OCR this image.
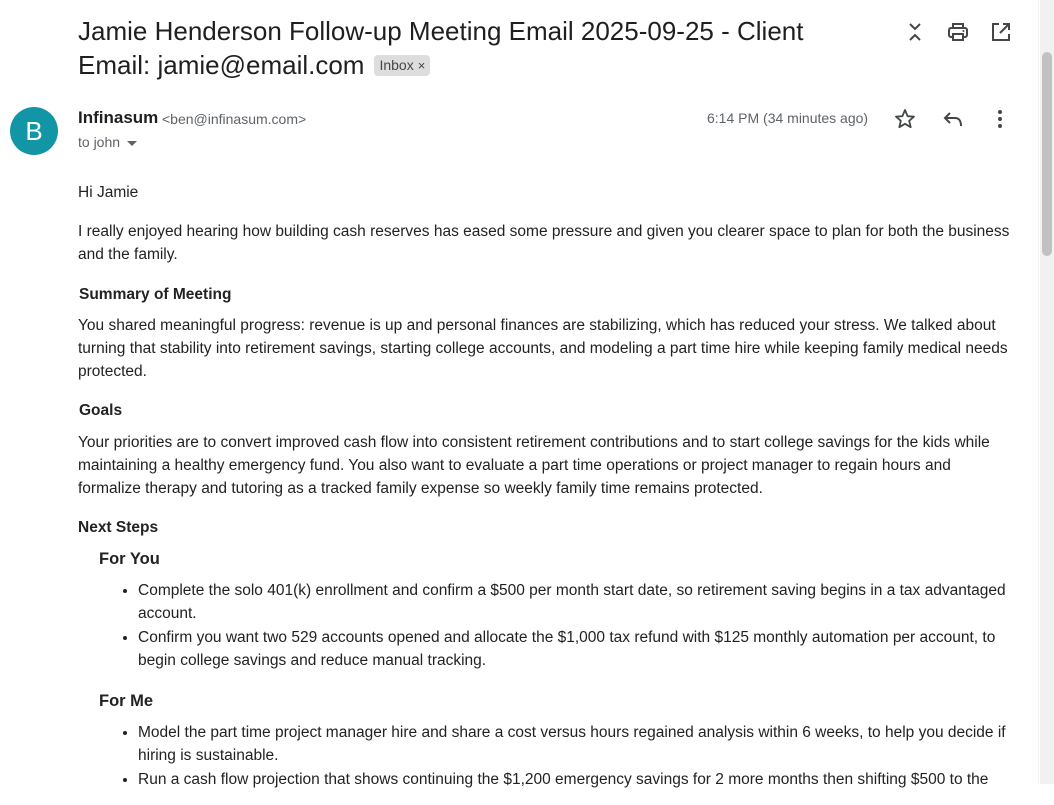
Jamie Henderson Follow-up Meeting Email 2025-09-25 - Client Email: jamie@email.com Inbox ×
B	Infinasum <ben@infinasum.com>
to john
6:14 PM (34 minutes ago)

Hi Jamie

I really enjoyed hearing how building cash reserves has eased some pressure and given you clearer space to plan for both the business and the family.

Summary of Meeting

You shared meaningful progress: revenue is up and personal finances are stabilizing, which has reduced your stress. We talked about turning that stability into retirement savings, starting college accounts, and modeling a part time hire while keeping family medical needs protected.

Goals

Your priorities are to convert improved cash flow into consistent retirement contributions and to start college savings for the kids while maintaining a healthy emergency fund. You also want to evaluate a part time operations or project manager to regain hours and formalize therapy and tutoring as a tracked family expense so weekly family time remains protected.

Next Steps
For You
• Complete the solo 401(k) enrollment and confirm a $500 per month start date, so retirement saving begins in a tax advantaged account.
• Confirm you want two 529 accounts opened and allocate the $1,000 tax refund with $125 monthly automation per account, to begin college savings and reduce manual tracking.
For Me
• Model the part time project manager hire and share a cost versus hours regained analysis within 6 weeks, to help you decide if hiring is sustainable.
• Run a cash flow projection that shows continuing the $1,200 emergency savings for 2 more months then shifting $500 to the
